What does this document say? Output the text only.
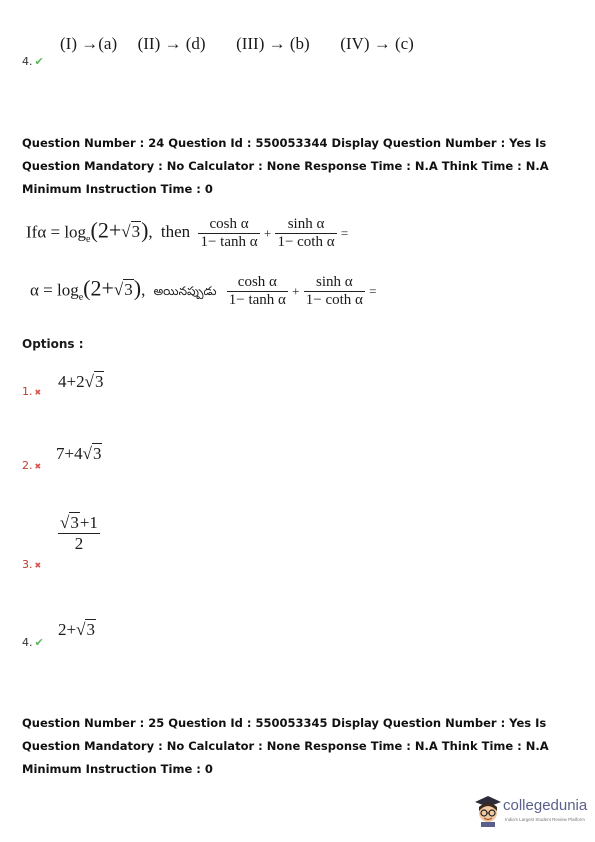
(I) →(a) (II) → (d) (III) → (b) (IV) → (c)
4. ✔
Question Number : 24 Question Id : 550053344 Display Question Number : Yes Is Question Mandatory : No Calculator : None Response Time : N.A Think Time : N.A Minimum Instruction Time : 0
$If\alpha = \log_e(2+√3)$, then $\frac{\text{cosh α}}{\text{1− tanh α}} + \frac{\text{sinh α}}{\text{1− coth α}}$ =
$\alpha = \log_e(2+√3)$, అయినప్పుడు $\frac{\text{cosh α}}{\text{1− tanh α}} + \frac{\text{sinh α}}{\text{1− coth α}}$ =
Options :
4+2√3
1. ✖
7+4√3
2. ✖
$\frac{√3+1}{2}$
3. ✖
2+√3
4. ✔
Question Number : 25 Question Id : 550053345 Display Question Number : Yes Is Question Mandatory : No Calculator : None Response Time : N.A Think Time : N.A Minimum Instruction Time : 0
collegedunia
India's Largest Student Review Platform
